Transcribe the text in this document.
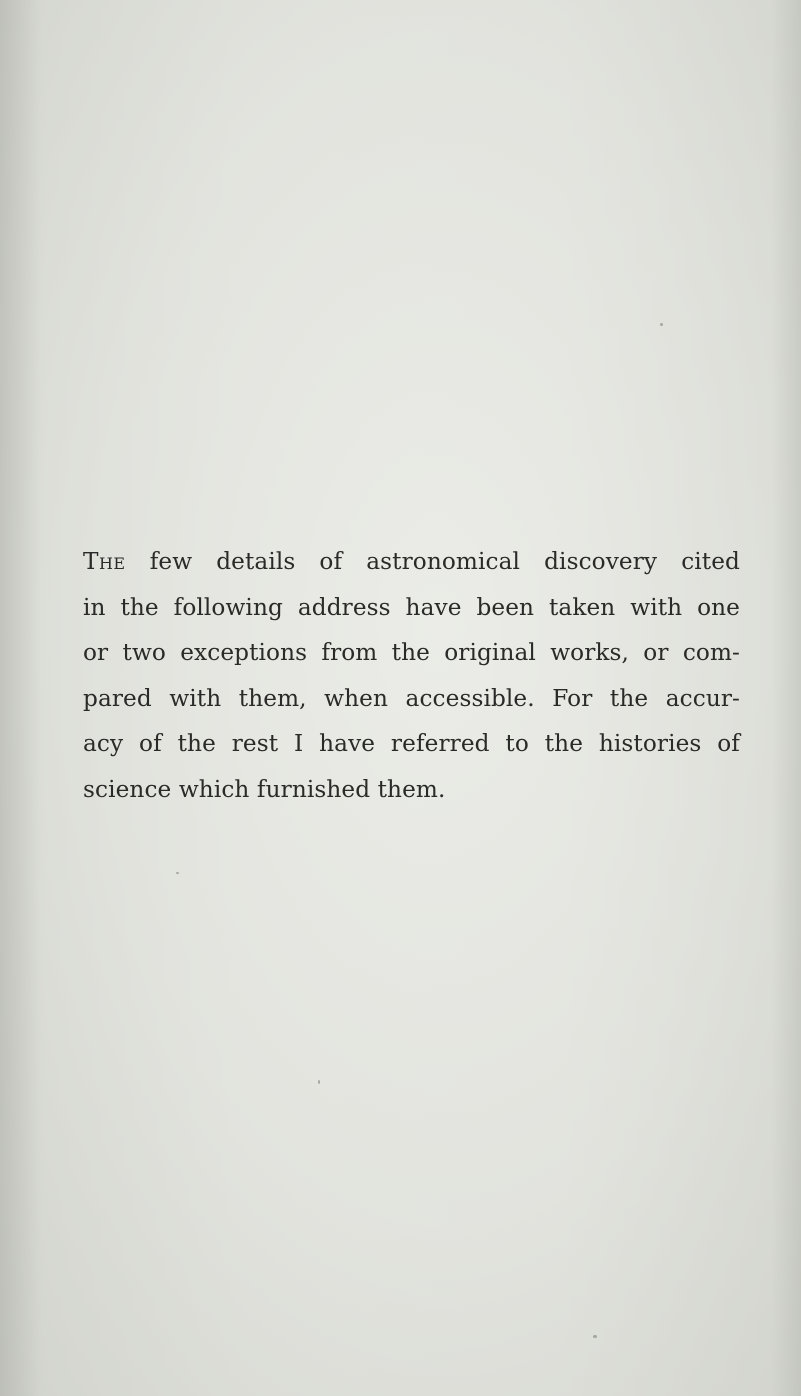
The few details of astronomical discovery cited
in the following address have been taken with one
or two exceptions from the original works, or com-
pared with them, when accessible. For the accur-
acy of the rest I have referred to the histories of
science which furnished them.
